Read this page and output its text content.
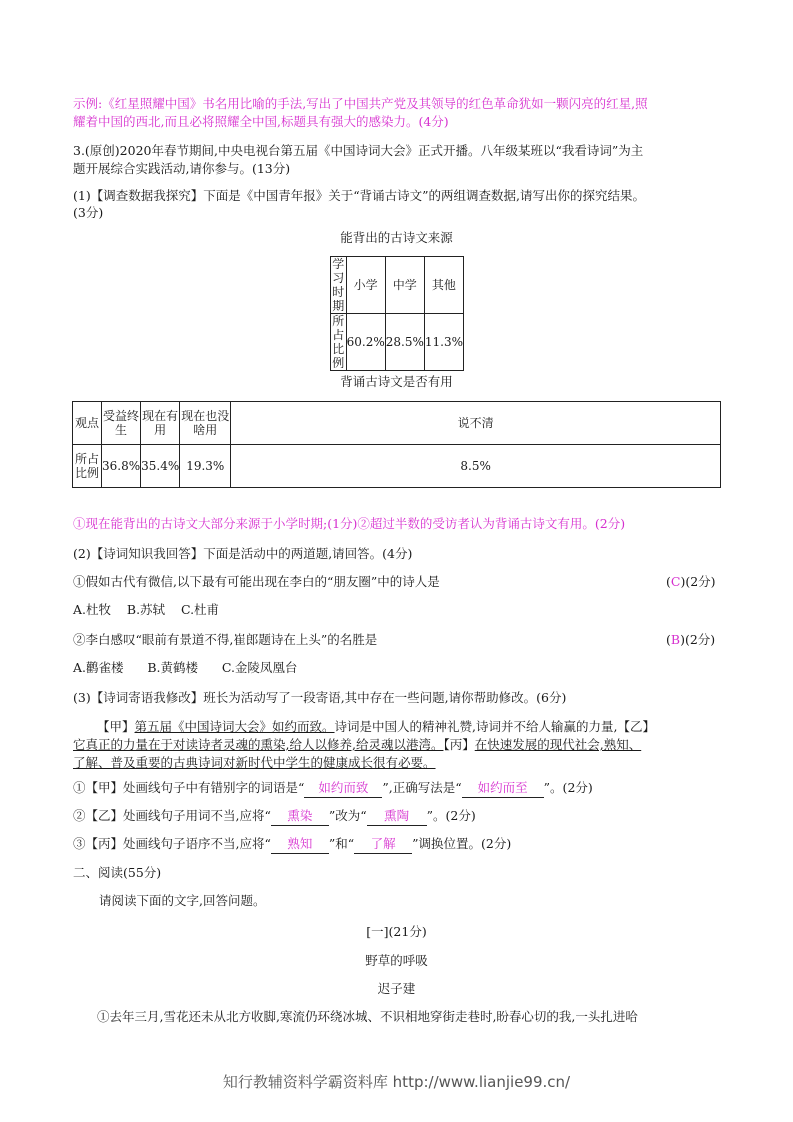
示例:《红星照耀中国》书名用比喻的手法,写出了中国共产党及其领导的红色革命犹如一颗闪亮的红星,照
耀着中国的西北,而且必将照耀全中国,标题具有强大的感染力。(4分)
3.(原创)2020年春节期间,中央电视台第五届《中国诗词大会》正式开播。八年级某班以“我看诗词”为主
题开展综合实践活动,请你参与。(13分)
(1)【调查数据我探究】下面是《中国青年报》关于“背诵古诗文”的两组调查数据,请写出你的探究结果。
(3分)
能背出的古诗文来源
学习时期	小学	中学	其他
所占比例	60.2%	28.5%	11.3%
背诵古诗文是否有用
观点	受益终生	现在有用	现在也没啥用	说不清
所占比例	36.8%	35.4%	19.3%	8.5%
①现在能背出的古诗文大部分来源于小学时期;(1分)②超过半数的受访者认为背诵古诗文有用。(2分)
(2)【诗词知识我回答】下面是活动中的两道题,请回答。(4分)
①假如古代有微信,以下最有可能出现在李白的“朋友圈”中的诗人是	(C)(2分)
A.杜牧    B.苏轼    C.杜甫
②李白感叹“眼前有景道不得,崔郎题诗在上头”的名胜是	(B)(2分)
A.鹳雀楼      B.黄鹤楼      C.金陵凤凰台
(3)【诗词寄语我修改】班长为活动写了一段寄语,其中存在一些问题,请你帮助修改。(6分)
【甲】第五届《中国诗词大会》如约而致。诗词是中国人的精神礼赞,诗词并不给人输赢的力量,【乙】
它真正的力量在于对读诗者灵魂的熏染,给人以修养,给灵魂以港湾。【丙】在快速发展的现代社会,熟知、
了解、普及重要的古典诗词对新时代中学生的健康成长很有必要。
①【甲】处画线句子中有错别字的词语是“ 如约而致 ”,正确写法是“ 如约而至 ”。(2分)
②【乙】处画线句子用词不当,应将“ 熏染 ”改为“ 熏陶 ”。(2分)
③【丙】处画线句子语序不当,应将“ 熟知 ”和“ 了解 ”调换位置。(2分)
二、阅读(55分)
请阅读下面的文字,回答问题。
[一](21分)
野草的呼吸
迟子建
①去年三月,雪花还未从北方收脚,寒流仍环绕冰城、不识相地穿街走巷时,盼春心切的我,一头扎进哈
知行教辅资料学霸资料库 http://www.lianjie99.cn/
